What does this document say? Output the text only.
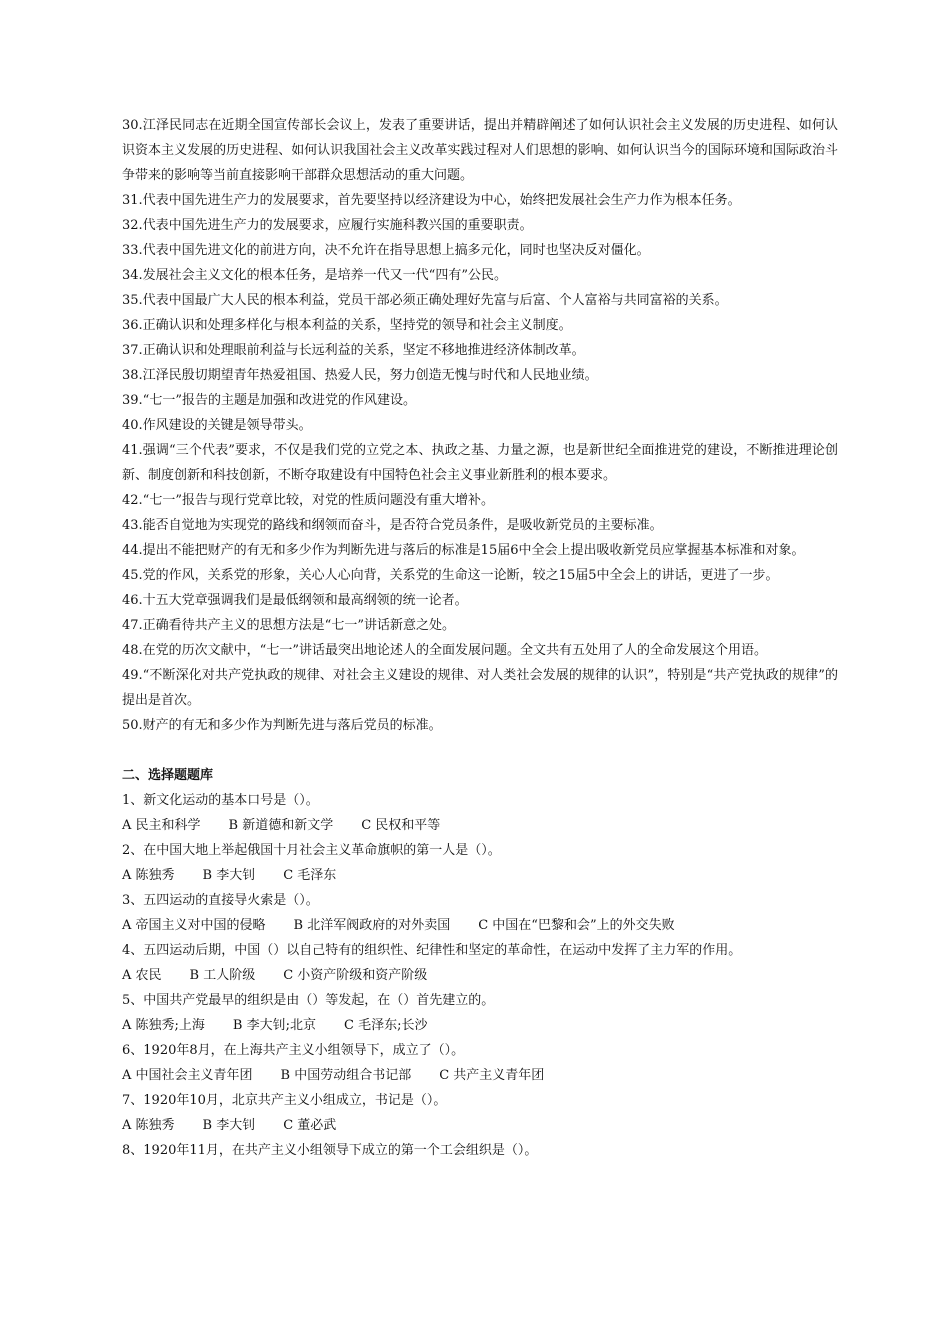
30.江泽民同志在近期全国宣传部长会议上，发表了重要讲话，提出并精辟阐述了如何认识社会主义发展的历史进程、如何认识资本主义发展的历史进程、如何认识我国社会主义改革实践过程对人们思想的影响、如何认识当今的国际环境和国际政治斗争带来的影响等当前直接影响干部群众思想活动的重大问题。

31.代表中国先进生产力的发展要求，首先要坚持以经济建设为中心，始终把发展社会生产力作为根本任务。

32.代表中国先进生产力的发展要求，应履行实施科教兴国的重要职责。

33.代表中国先进文化的前进方向，决不允许在指导思想上搞多元化，同时也坚决反对僵化。

34.发展社会主义文化的根本任务，是培养一代又一代“四有”公民。

35.代表中国最广大人民的根本利益，党员干部必须正确处理好先富与后富、个人富裕与共同富裕的关系。

36.正确认识和处理多样化与根本利益的关系，坚持党的领导和社会主义制度。

37.正确认识和处理眼前利益与长远利益的关系，坚定不移地推进经济体制改革。

38.江泽民殷切期望青年热爱祖国、热爱人民，努力创造无愧与时代和人民地业绩。

39.“七一”报告的主题是加强和改进党的作风建设。

40.作风建设的关键是领导带头。

41.强调“三个代表”要求，不仅是我们党的立党之本、执政之基、力量之源，也是新世纪全面推进党的建设，不断推进理论创新、制度创新和科技创新，不断夺取建设有中国特色社会主义事业新胜利的根本要求。

42.“七一”报告与现行党章比较，对党的性质问题没有重大增补。

43.能否自觉地为实现党的路线和纲领而奋斗，是否符合党员条件，是吸收新党员的主要标准。

44.提出不能把财产的有无和多少作为判断先进与落后的标准是15届6中全会上提出吸收新党员应掌握基本标准和对象。

45.党的作风，关系党的形象，关心人心向背，关系党的生命这一论断，较之15届5中全会上的讲话，更进了一步。

46.十五大党章强调我们是最低纲领和最高纲领的统一论者。

47.正确看待共产主义的思想方法是“七一”讲话新意之处。

48.在党的历次文献中，“七一”讲话最突出地论述人的全面发展问题。全文共有五处用了人的全命发展这个用语。

49.“不断深化对共产党执政的规律、对社会主义建设的规律、对人类社会发展的规律的认识”，特别是“共产党执政的规律”的提出是首次。

50.财产的有无和多少作为判断先进与落后党员的标准。

二、选择题题库

1、新文化运动的基本口号是（）。

A 民主和科学 B 新道德和新文学 C 民权和平等

2、在中国大地上举起俄国十月社会主义革命旗帜的第一人是（）。

A 陈独秀 B 李大钊 C 毛泽东

3、五四运动的直接导火索是（）。

A 帝国主义对中国的侵略 B 北洋军阀政府的对外卖国 C 中国在“巴黎和会”上的外交失败

4、五四运动后期，中国（）以自己特有的组织性、纪律性和坚定的革命性，在运动中发挥了主力军的作用。

A 农民 B 工人阶级 C 小资产阶级和资产阶级

5、中国共产党最早的组织是由（）等发起，在（）首先建立的。

A 陈独秀;上海 B 李大钊;北京 C 毛泽东;长沙

6、1920年8月，在上海共产主义小组领导下，成立了（）。

A 中国社会主义青年团 B 中国劳动组合书记部 C 共产主义青年团

7、1920年10月，北京共产主义小组成立，书记是（）。

A 陈独秀 B 李大钊 C 董必武

8、1920年11月，在共产主义小组领导下成立的第一个工会组织是（）。
